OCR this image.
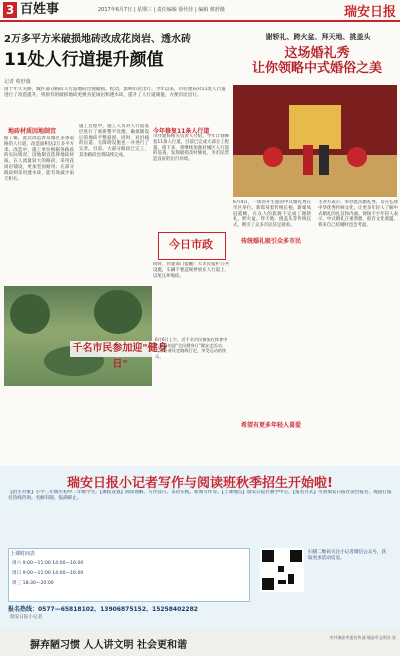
3 百姓事	2017年6月7日 | 星期三 | 责任编辑 徐代佳 | 编辑 蔡舒薇	瑞安日报
2万多平方米破损地砖改成花岗岩、透水砖
11处人行道提升颜值
记者 蔡舒薇
由于年久失修，城区部分路段人行道地砖出现破损、松动，影响市民出行。今年以来，市住建局对11处人行道进行了改造提升，将原有的破损地砖更换为花岗岩和透水砖，提升了人行道颜值，方便市民出行。
地砖材质因地制宜
据了解，此次改造涉及城区多条道路的人行道，改造面积达2万多平方米。改造中，施工单位根据各路段的实际情况，因地制宜选择地砖材质。在人流量较大的路段，采用花岗岩铺设，更加坚固耐用；在部分路段则采用透水砖，能有效减少雨天积水。
施工过程中，施工人员对人行道基层进行了重新整平处理，确保铺设后的地砖平整稳固。同时，对沿线的盲道、无障碍设施也一并进行了完善。目前，大部分路段已完工，其余路段也将陆续完成。
今年修复11条人行道
市住建局相关负责人介绍，今年计划修复11条人行道，目前已完成大部分工程量。接下来，将继续加强对城区人行道的巡查，发现破损及时修复，为市民营造良好的出行环境。
今日市政
同时，住建部门提醒广大市民爱护公共设施，车辆不要违规停放在人行道上，以免压坏地砖。
千名市民参加迎"健身日"
6月6日上午，近千名市民参加在体育中心举行的迎"全民健身日"健步走活动，大家沿着设定路线行走，享受运动的快乐。
谢轿礼、跨火盆、拜天地、挑盖头
这场婚礼秀
让你领略中式婚俗之美
传统婚礼吸引众多市民
6月4日，一场别开生面的中式婚礼秀在市区举行。新郎身着传统长袍，新娘凤冠霞帔，在众人的簇拥下完成了谢轿礼、跨火盆、拜天地、挑盖头等传统仪式，吸引了众多市民驻足观看。
希望有更多年轻人喜爱
主办方表示，举办此次婚礼秀，旨在弘扬中华优秀传统文化，让更多年轻人了解中式婚礼的礼仪和内涵。现场不少年轻人表示，中式婚礼庄重典雅，很有文化底蕴，将来自己结婚时也会考虑。
瑞安日报小记者写作与阅读班秋季招生开始啦!
【招生对象】小学三年级至初中二年级学生。【课程设置】阅读理解、写作技巧、采访实践、新闻写作等。【上课地点】瑞安日报社教学中心。【报名方式】可到瑞安日报社前台报名，或拨打报名热线咨询。名额有限，报满即止。
上课时间表
周六 9:00—11:00 14:00—16:00
周日 9:00—11:00 14:00—16:00
周三 18:30—20:00
扫描二维码关注小记者微信公众号，获取更多活动信息。
报名热线：0577—65818102、13906875152、15258402282
瑞安日报小记者
摒弃陋习惯 人人讲文明 社会更和谐
中共瑞安市委宣传部 瑞安市文明办 宣
